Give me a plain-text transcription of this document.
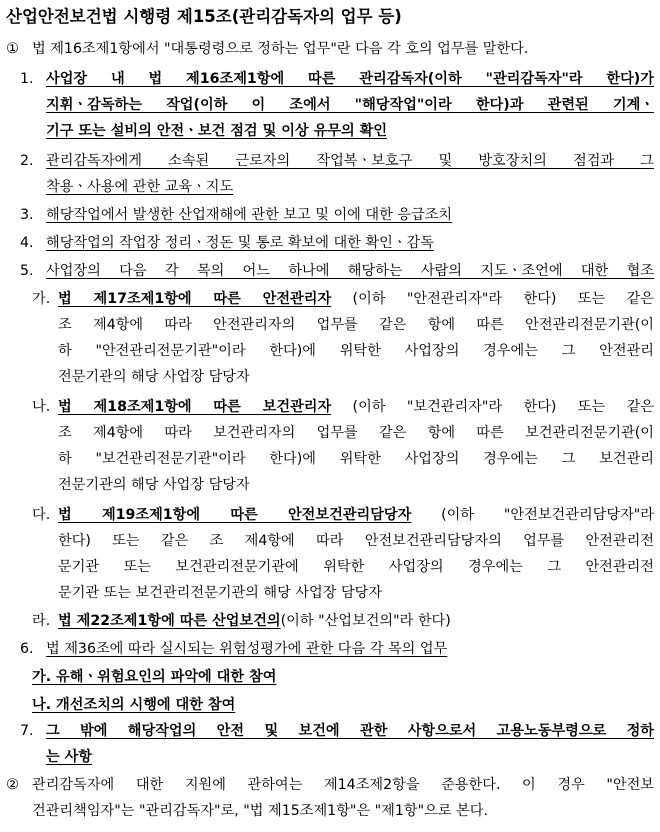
산업안전보건법 시행령 제15조(관리감독자의 업무 등)
① 법 제16조제1항에서 "대통령령으로 정하는 업무"란 다음 각 호의 업무를 말한다.
1. 사업장 내 법 제16조제1항에 따른 관리감독자(이하 "관리감독자"라 한다)가
지휘ㆍ감독하는 작업(이하 이 조에서 "해당작업"이라 한다)과 관련된 기계ㆍ
기구 또는 설비의 안전ㆍ보건 점검 및 이상 유무의 확인
2. 관리감독자에게 소속된 근로자의 작업복ㆍ보호구 및 방호장치의 점검과 그
착용ㆍ사용에 관한 교육ㆍ지도
3. 해당작업에서 발생한 산업재해에 관한 보고 및 이에 대한 응급조치
4. 해당작업의 작업장 정리ㆍ정돈 및 통로 확보에 대한 확인ㆍ감독
5. 사업장의 다음 각 목의 어느 하나에 해당하는 사람의 지도ㆍ조언에 대한 협조
가. 법 제17조제1항에 따른 안전관리자 (이하 "안전관리자"라 한다) 또는 같은
조 제4항에 따라 안전관리자의 업무를 같은 항에 따른 안전관리전문기관(이
하 "안전관리전문기관"이라 한다)에 위탁한 사업장의 경우에는 그 안전관리
전문기관의 해당 사업장 담당자
나. 법 제18조제1항에 따른 보건관리자 (이하 "보건관리자"라 한다) 또는 같은
조 제4항에 따라 보건관리자의 업무를 같은 항에 따른 보건관리전문기관(이
하 "보건관리전문기관"이라 한다)에 위탁한 사업장의 경우에는 그 보건관리
전문기관의 해당 사업장 담당자
다. 법 제19조제1항에 따른 안전보건관리담당자 (이하 "안전보건관리담당자"라
한다) 또는 같은 조 제4항에 따라 안전보건관리담당자의 업무를 안전관리전
문기관 또는 보건관리전문기관에 위탁한 사업장의 경우에는 그 안전관리전
문기관 또는 보건관리전문기관의 해당 사업장 담당자
라. 법 제22조제1항에 따른 산업보건의(이하 "산업보건의"라 한다)
6. 법 제36조에 따라 실시되는 위험성평가에 관한 다음 각 목의 업무
가. 유해ㆍ위험요인의 파악에 대한 참여
나. 개선조치의 시행에 대한 참여
7. 그 밖에 해당작업의 안전 및 보건에 관한 사항으로서 고용노동부령으로 정하
는 사항
② 관리감독자에 대한 지원에 관하여는 제14조제2항을 준용한다. 이 경우 "안전보
건관리책임자"는 "관리감독자"로, "법 제15조제1항"은 "제1항"으로 본다.
